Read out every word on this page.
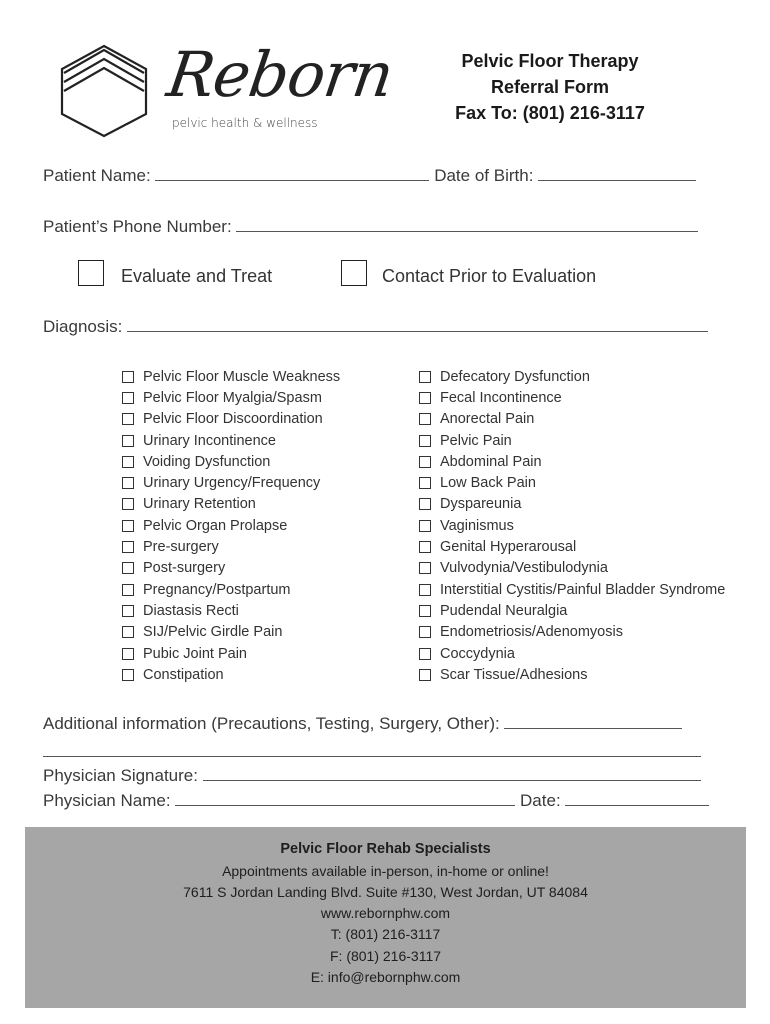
Reborn
pelvic health & wellness
Pelvic Floor Therapy
Referral Form
Fax To: (801) 216-3117
Patient Name:	Date of Birth:
Patient’s Phone Number:
Evaluate and Treat	Contact Prior to Evaluation
Diagnosis:
Pelvic Floor Muscle Weakness
Pelvic Floor Myalgia/Spasm
Pelvic Floor Discoordination
Urinary Incontinence
Voiding Dysfunction
Urinary Urgency/Frequency
Urinary Retention
Pelvic Organ Prolapse
Pre-surgery
Post-surgery
Pregnancy/Postpartum
Diastasis Recti
SIJ/Pelvic Girdle Pain
Pubic Joint Pain
Constipation
Defecatory Dysfunction
Fecal Incontinence
Anorectal Pain
Pelvic Pain
Abdominal Pain
Low Back Pain
Dyspareunia
Vaginismus
Genital Hyperarousal
Vulvodynia/Vestibulodynia
Interstitial Cystitis/Painful Bladder Syndrome
Pudendal Neuralgia
Endometriosis/Adenomyosis
Coccydynia
Scar Tissue/Adhesions
Additional information (Precautions, Testing, Surgery, Other):
Physician Signature:
Physician Name:	Date:
Pelvic Floor Rehab Specialists
Appointments available in-person, in-home or online!
7611 S Jordan Landing Blvd. Suite #130, West Jordan, UT 84084
www.rebornphw.com
T: (801) 216-3117
F: (801) 216-3117
E: info@rebornphw.com
